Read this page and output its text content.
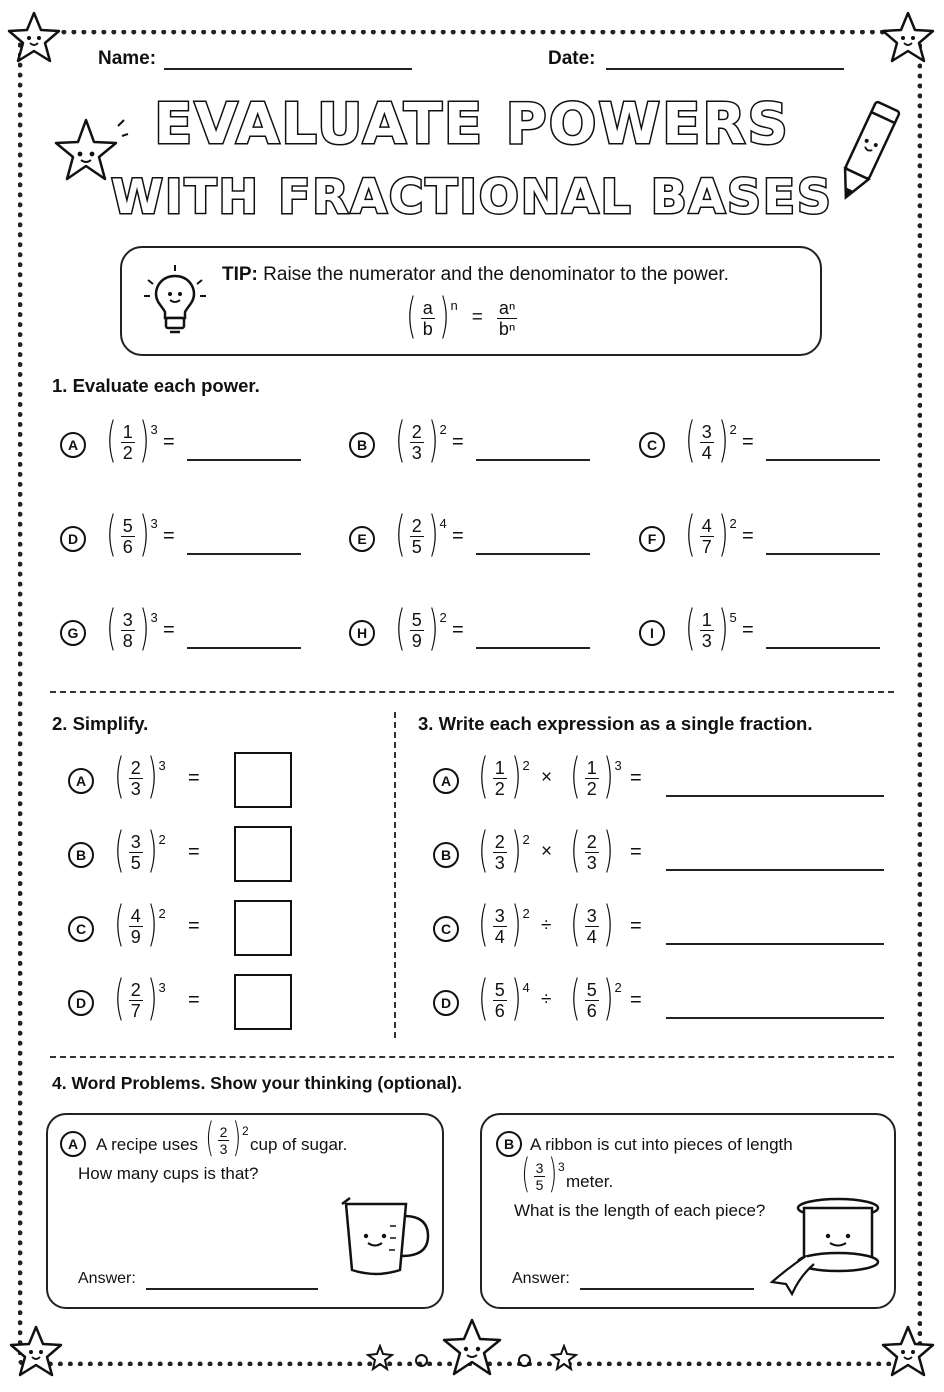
Name:	Date:
EVALUATE POWERS
WITH FRACTIONAL BASES
TIP: Raise the numerator and the denominator to the power.
( $\frac{a}{b}$ ) n
= $\frac{\text{aⁿ}}{\text{bⁿ}}$
1. Evaluate each power.
A ( $\frac{1}{2}$ ) 3
=	B ( $\frac{2}{3}$ ) 2
=	C ( $\frac{3}{4}$ ) 2
=
D ( $\frac{5}{6}$ ) 3
=	E ( $\frac{2}{5}$ ) 4
=	F ( $\frac{4}{7}$ ) 2
=
G ( $\frac{3}{8}$ ) 3
=	H ( $\frac{5}{9}$ ) 2
=	I ( $\frac{1}{3}$ ) 5
=
2. Simplify.
A ( $\frac{2}{3}$ ) 3
=
B ( $\frac{3}{5}$ ) 2
=
C ( $\frac{4}{9}$ ) 2
=
D ( $\frac{2}{7}$ ) 3
=
3. Write each expression as a single fraction.
A ( $\frac{1}{2}$ ) 2
× ( $\frac{1}{2}$ ) 3
=
B ( $\frac{2}{3}$ ) 2
× ( $\frac{2}{3}$ ) =
C ( $\frac{3}{4}$ ) 2
÷ ( $\frac{3}{4}$ ) =
D ( $\frac{5}{6}$ ) 4
÷ ( $\frac{5}{6}$ ) 2
=
4. Word Problems. Show your thinking (optional).
A	A recipe uses ( $\frac{2}{3}$ ) 2
cup of sugar.
How many cups is that?
Answer:
B A ribbon is cut into pieces of length
( $\frac{3}{5}$ ) 3
meter.
What is the length of each piece?
Answer:
